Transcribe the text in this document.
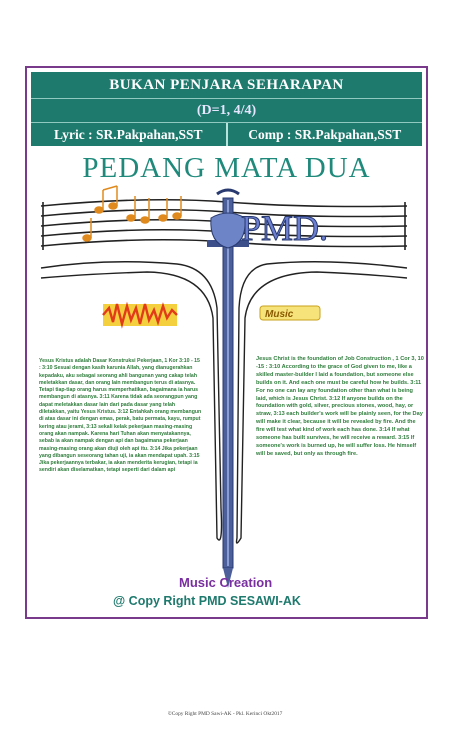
BUKAN PENJARA SEHARAPAN
(D=1, 4/4)
Lyric : SR.Pakpahan,SST	Comp : SR.Pakpahan,SST
PEDANG MATA DUA
PMD.
Music
Yesus Kristus adalah Dasar Konstruksi Pekerjaan, 1 Kor 3:10 - 15 : 3:10 Sesuai dengan kasih karunia Allah, yang dianugerahkan kepadaku, aku sebagai seorang ahli bangunan yang cakap telah meletakkan dasar, dan orang lain membangun terus di atasnya. Tetapi tiap-tiap orang harus memperhatikan, bagaimana ia harus membangun di atasnya. 3:11 Karena tidak ada seorangpun yang dapat meletakkan dasar lain dari pada dasar yang telah diletakkan, yaitu Yesus Kristus. 3:12 Entahkah orang membangun di atas dasar ini dengan emas, perak, batu permata, kayu, rumput kering atau jerami, 3:13 sekali kelak pekerjaan masing-masing orang akan nampak. Karena hari Tuhan akan menyatakannya, sebab ia akan nampak dengan api dan bagaimana pekerjaan masing-masing orang akan diuji oleh api itu. 3:14 Jika pekerjaan yang dibangun seseorang tahan uji, ia akan mendapat upah. 3:15 Jika pekerjaannya terbakar, ia akan menderita kerugian, tetapi ia sendiri akan diselamatkan, tetapi seperti dari dalam api
Jesus Christ is the foundation of Job Construction , 1 Cor 3, 10 -15 : 3:10 According to the grace of God given to me, like a skilled master-builder I laid a foundation, but someone else builds on it. And each one must be careful how he builds. 3:11 For no one can lay any foundation other than what is being laid, which is Jesus Christ. 3:12 If anyone builds on the foundation with gold, silver, precious stones, wood, hay, or straw, 3:13 each builder's work will be plainly seen, for the Day will make it clear, because it will be revealed by fire. And the fire will test what kind of work each has done. 3:14 If what someone has built survives, he will receive a reward. 3:15 If someone's work is burned up, he will suffer loss. He himself will be saved, but only as through fire.
Music Creation
@ Copy Right PMD SESAWI-AK
©Copy Right PMD Sawi-AK - Pkl. Kerinci Okt2017
